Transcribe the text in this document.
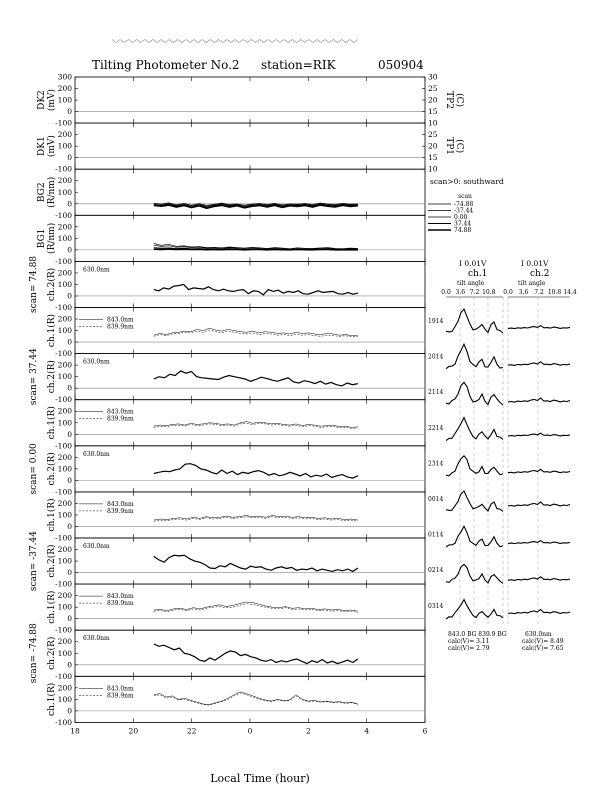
Tilting Photometer No.2 station=RIK	050904
scan>0: southward
scan
-74.88
-37.44
0.00
37.44
74.88
300
200
100
0
-100
DK2 (mV)
30
25
20
15
10
TP2 (C)
200
100
0
-100
DK1 (mV)
25
20
15
10
TP1 (C)
200
100
0
-100
BG2 (R/nm)
200
100
0
-100
BG1 (R/nm)
200
100
0
-100
scan= 74.88 ch.2(R)	630.0nm
200
100
0
-100
ch.1(R)	843.0nm
839.9nm
200
100
0
-100
scan= 37.44 ch.2(R)	630.0nm
200
100
0
-100
ch.1(R)	843.0nm
839.9nm
200
100
0
-100
scan= 0.00 ch.2(R)	630.0nm
200
100
0
-100
ch.1(R)	843.0nm
839.9nm
200
100
0
-100
scan= -37.44 ch.2(R)	630.0nm
200
100
0
-100
ch.1(R)	843.0nm
839.9nm
200
100
0
-100
scan= -74.88 ch.2(R)	630.0nm
200
100
0
-100
ch.1(R)	843.0nm
839.9nm
Local Time (hour)
18	20	22	0	2	4	6
I 0.01V
ch.1
tilt angle
I 0.01V
ch.2
tilt angle
0.0 3.6 7.2 10.8 0.0 3.6 7.2 10.8 14.4
1914
2014
2114
2214
2314
0014
0114
0214
0314
843.0 BG 839.9 BG	630.0nm
calc(V)= 3.11
calc(V)= 2.79
calc(V)= 8.49
calc(V)= 7.65
